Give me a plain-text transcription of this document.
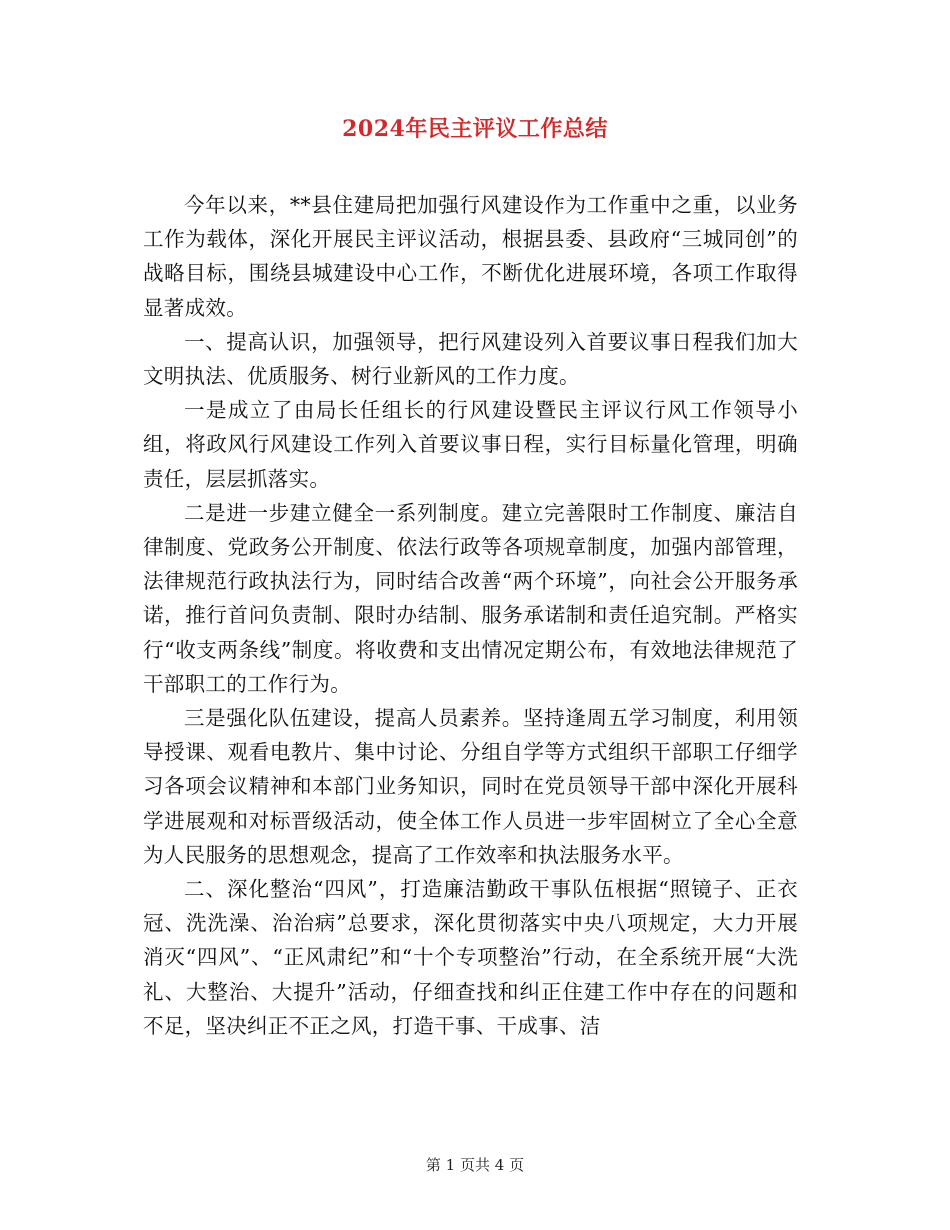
2024年民主评议工作总结

今年以来，**县住建局把加强行风建设作为工作重中之重，以业务工作为载体，深化开展民主评议活动，根据县委、县政府“三城同创”的战略目标，围绕县城建设中心工作，不断优化进展环境，各项工作取得显著成效。

一、提高认识，加强领导，把行风建设列入首要议事日程我们加大文明执法、优质服务、树行业新风的工作力度。

一是成立了由局长任组长的行风建设暨民主评议行风工作领导小组，将政风行风建设工作列入首要议事日程，实行目标量化管理，明确责任，层层抓落实。

二是进一步建立健全一系列制度。建立完善限时工作制度、廉洁自律制度、党政务公开制度、依法行政等各项规章制度，加强内部管理，法律规范行政执法行为，同时结合改善“两个环境”，向社会公开服务承诺，推行首问负责制、限时办结制、服务承诺制和责任追究制。严格实行“收支两条线”制度。将收费和支出情况定期公布，有效地法律规范了干部职工的工作行为。

三是强化队伍建设，提高人员素养。坚持逢周五学习制度，利用领导授课、观看电教片、集中讨论、分组自学等方式组织干部职工仔细学习各项会议精神和本部门业务知识，同时在党员领导干部中深化开展科学进展观和对标晋级活动，使全体工作人员进一步牢固树立了全心全意为人民服务的思想观念，提高了工作效率和执法服务水平。

二、深化整治“四风”，打造廉洁勤政干事队伍根据“照镜子、正衣冠、洗洗澡、治治病”总要求，深化贯彻落实中央八项规定，大力开展消灭“四风”、“正风肃纪”和“十个专项整治”行动，在全系统开展“大洗礼、大整治、大提升”活动，仔细查找和纠正住建工作中存在的问题和不足，坚决纠正不正之风，打造干事、干成事、洁

第 1 页共 4 页
